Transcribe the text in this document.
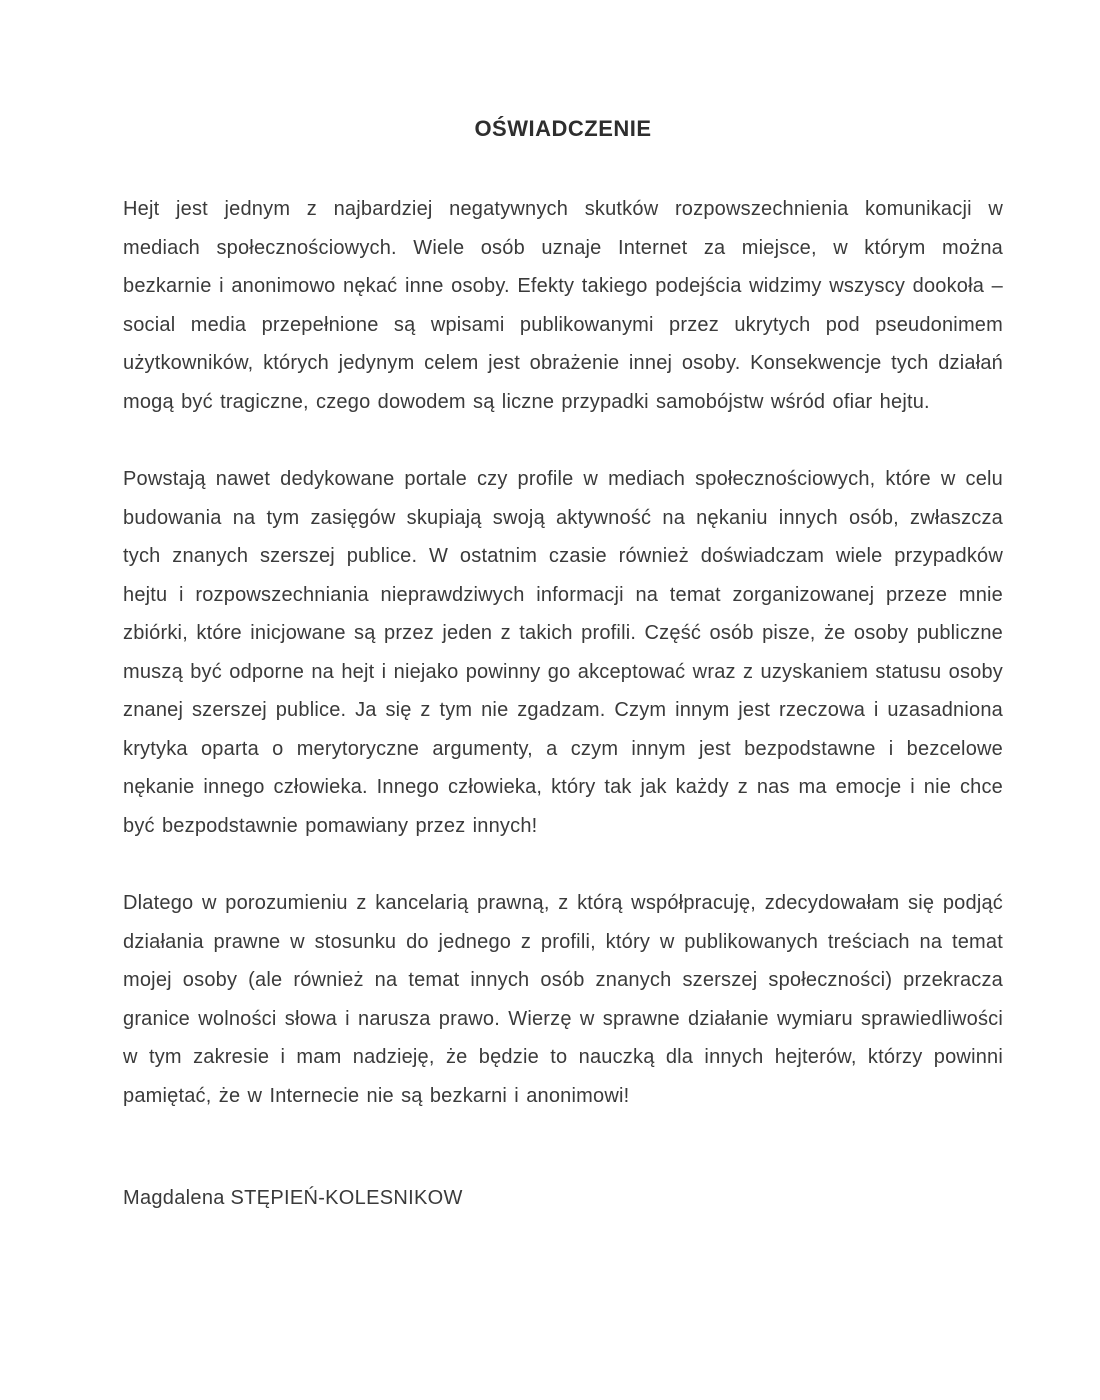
OŚWIADCZENIE

Hejt jest jednym z najbardziej negatywnych skutków rozpowszechnienia komunikacji w mediach społecznościowych. Wiele osób uznaje Internet za miejsce, w którym można bezkarnie i anonimowo nękać inne osoby. Efekty takiego podejścia widzimy wszyscy dookoła – social media przepełnione są wpisami publikowanymi przez ukrytych pod pseudonimem użytkowników, których jedynym celem jest obrażenie innej osoby. Konsekwencje tych działań mogą być tragiczne, czego dowodem są liczne przypadki samobójstw wśród ofiar hejtu.

Powstają nawet dedykowane portale czy profile w mediach społecznościowych, które w celu budowania na tym zasięgów skupiają swoją aktywność na nękaniu innych osób, zwłaszcza tych znanych szerszej publice. W ostatnim czasie również doświadczam wiele przypadków hejtu i rozpowszechniania nieprawdziwych informacji na temat zorganizowanej przeze mnie zbiórki, które inicjowane są przez jeden z takich profili. Część osób pisze, że osoby publiczne muszą być odporne na hejt i niejako powinny go akceptować wraz z uzyskaniem statusu osoby znanej szerszej publice. Ja się z tym nie zgadzam. Czym innym jest rzeczowa i uzasadniona krytyka oparta o merytoryczne argumenty, a czym innym jest bezpodstawne i bezcelowe nękanie innego człowieka. Innego człowieka, który tak jak każdy z nas ma emocje i nie chce być bezpodstawnie pomawiany przez innych!

Dlatego w porozumieniu z kancelarią prawną, z którą współpracuję, zdecydowałam się podjąć działania prawne w stosunku do jednego z profili, który w publikowanych treściach na temat mojej osoby (ale również na temat innych osób znanych szerszej społeczności) przekracza granice wolności słowa i narusza prawo. Wierzę w sprawne działanie wymiaru sprawiedliwości w tym zakresie i mam nadzieję, że będzie to nauczką dla innych hejterów, którzy powinni pamiętać, że w Internecie nie są bezkarni i anonimowi!

Magdalena STĘPIEŃ-KOLESNIKOW
